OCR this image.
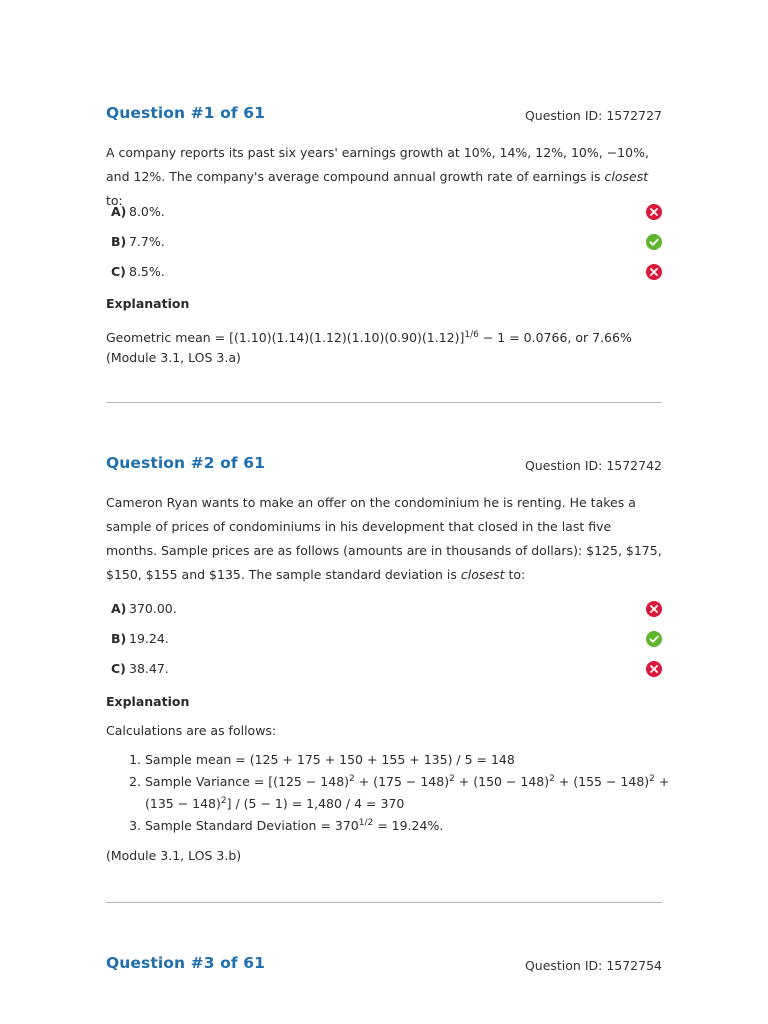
Question #1 of 61	Question ID: 1572727
A company reports its past six years' earnings growth at 10%, 14%, 12%, 10%, −10%, and 12%. The company's average compound annual growth rate of earnings is closest to:
A) 8.0%.
B) 7.7%.
C) 8.5%.
Explanation
Geometric mean = $[(1.10)(1.14)(1.12)(1.10)(0.90)(1.12)]^{1/6} - 1 = 0.0766$, or 7.66% (Module 3.1, LOS 3.a)
Question #2 of 61	Question ID: 1572742
Cameron Ryan wants to make an offer on the condominium he is renting. He takes a sample of prices of condominiums in his development that closed in the last five months. Sample prices are as follows (amounts are in thousands of dollars): $125, $175, $150, $155 and $135. The sample standard deviation is closest to:
A) 370.00.
B) 19.24.
C) 38.47.
Explanation
Calculations are as follows:
1. Sample mean = (125 + 175 + 150 + 155 + 135) / 5 = 148
2. Sample Variance = $[(125 - 148)^2 + (175 - 148)^2 + (150 - 148)^2 + (155 - 148)^2 + (135 - 148)^2] / (5 - 1) = 1,480 / 4 = 370$
3. Sample Standard Deviation = $370^{1/2} = 19.24\%$.
(Module 3.1, LOS 3.b)
Question #3 of 61	Question ID: 1572754
